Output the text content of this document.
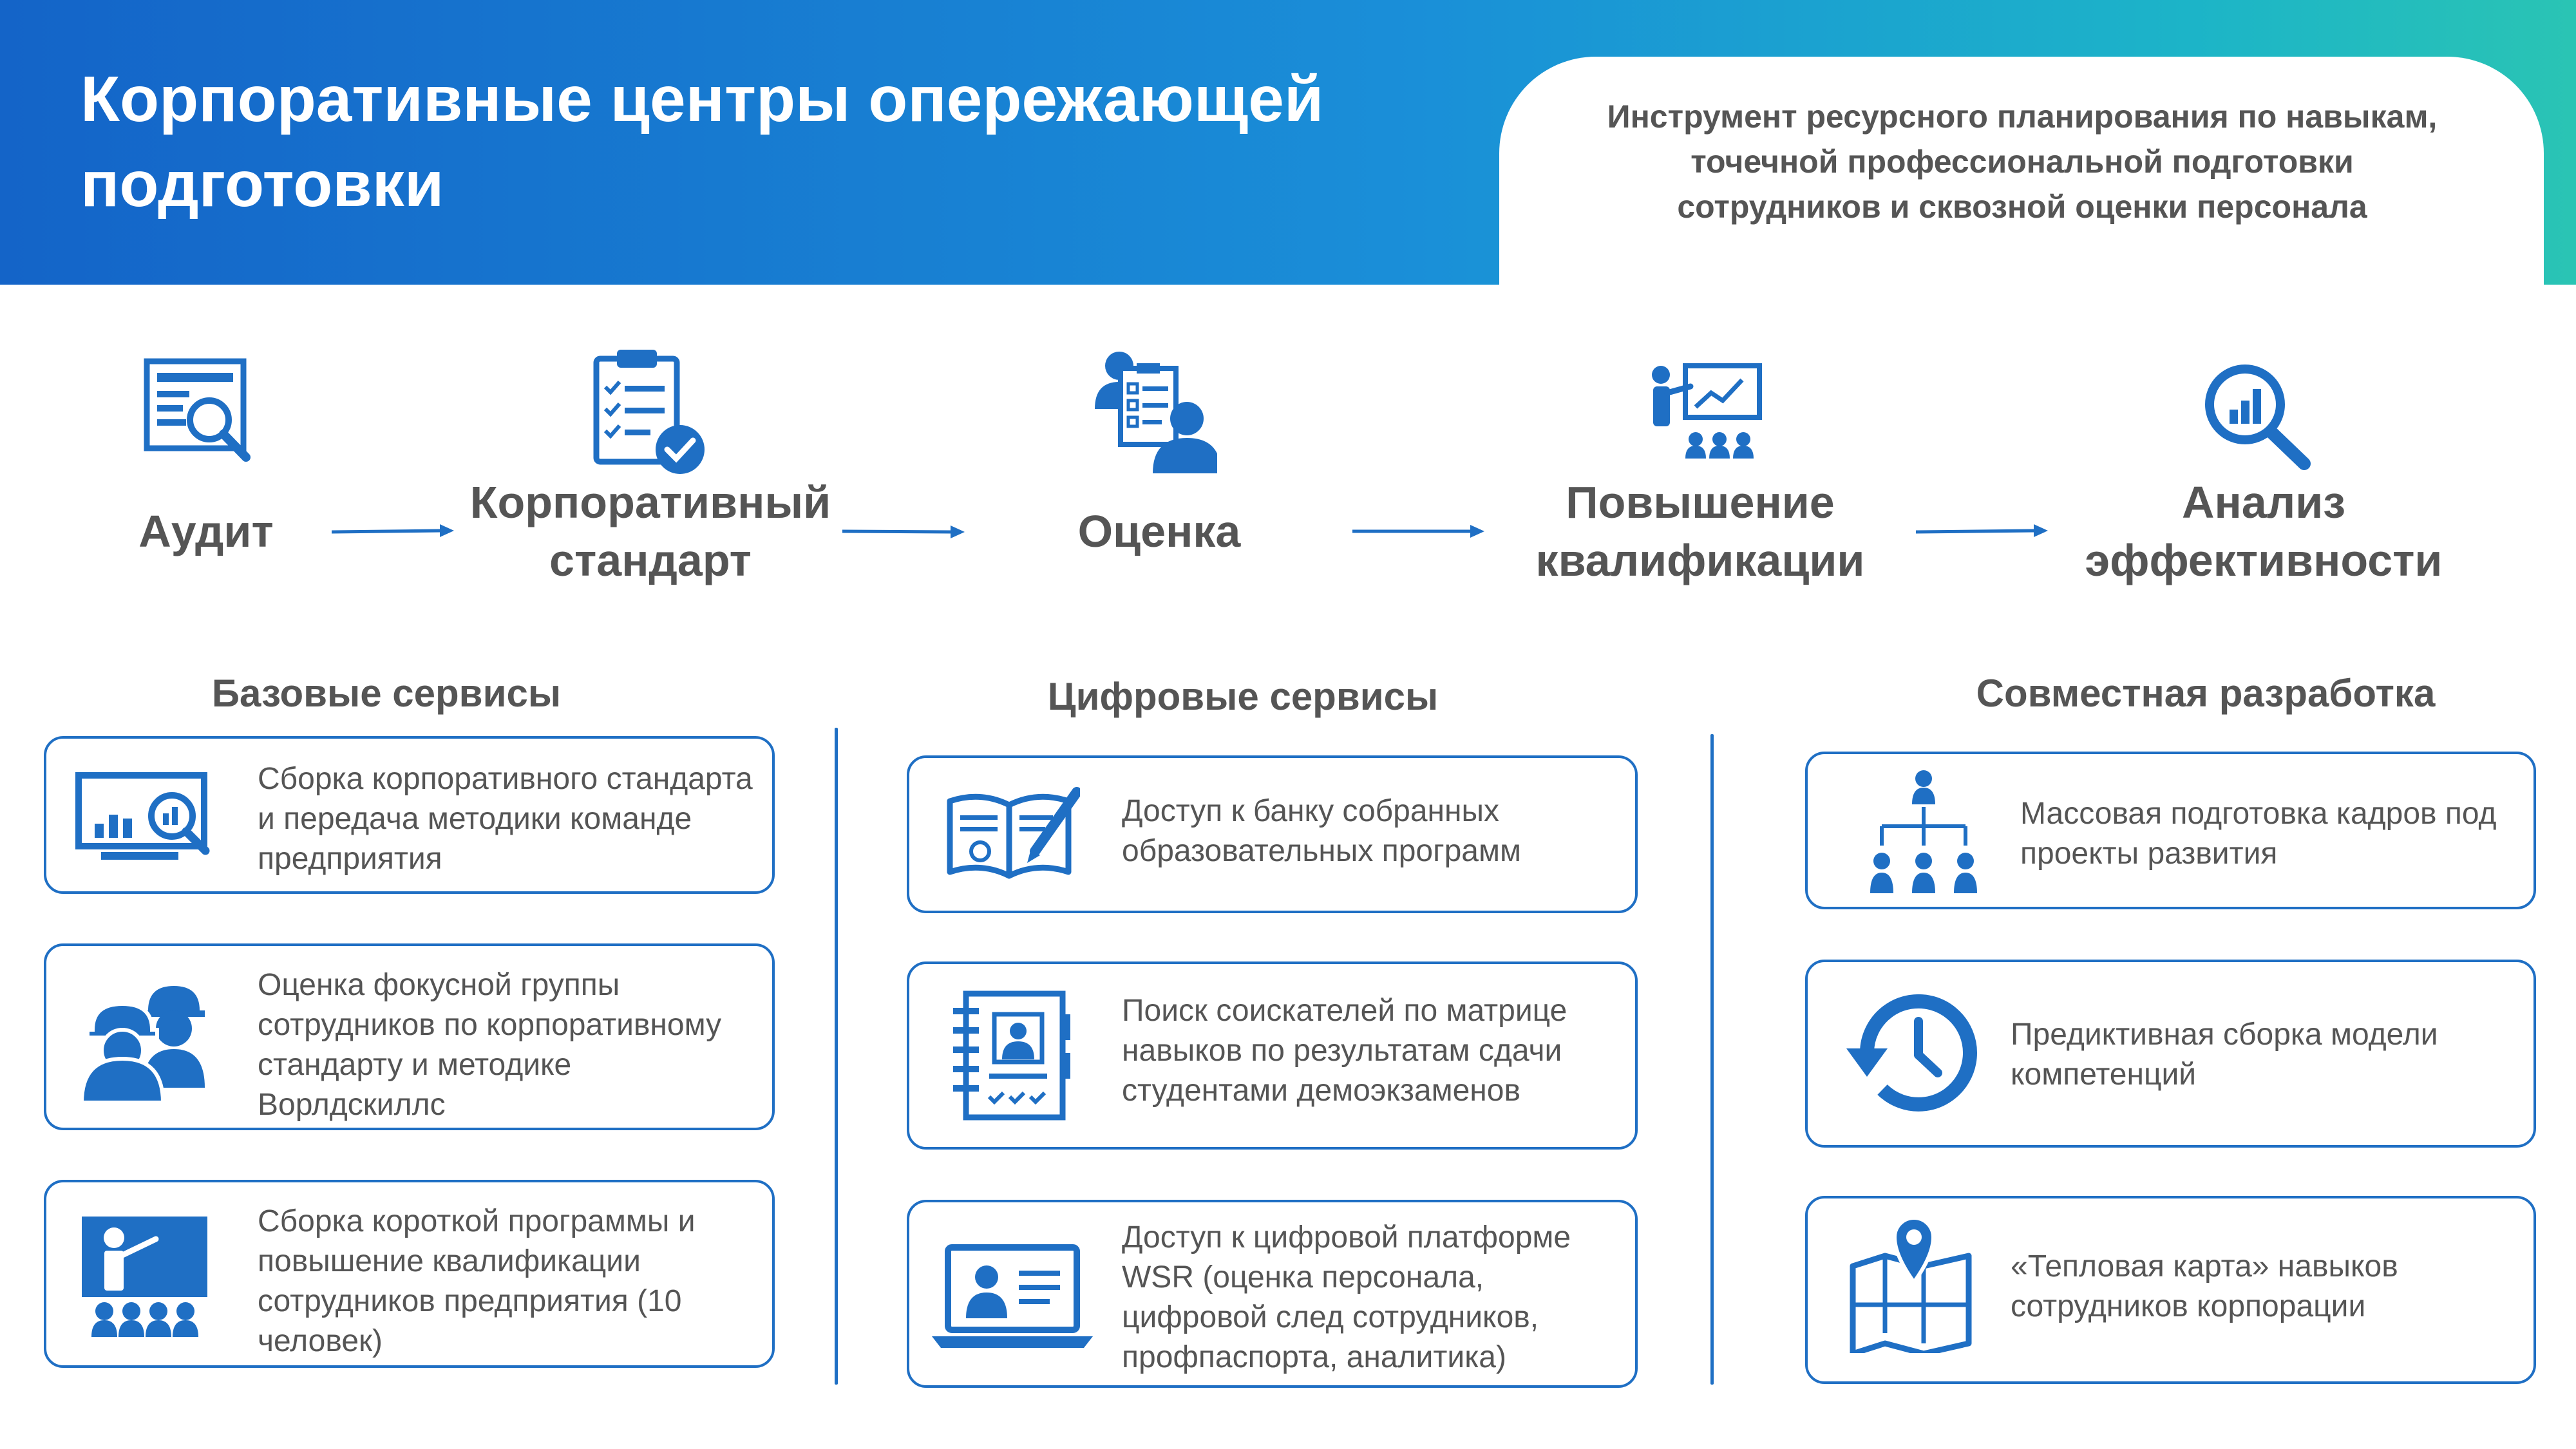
Корпоративные центры опережающей подготовки

Инструмент ресурсного планирования по навыкам, точечной профессиональной подготовки сотрудников и сквозной оценки персонала

Аудит
Корпоративный
стандарт
Оценка
Повышение
квалификации
Анализ
эффективности
Базовые сервисы	Цифровые сервисы	Совместная разработка
Сборка корпоративного стандарта и передача методики команде предприятия
Оценка фокусной группы сотрудников по корпоративному стандарту и методике Ворлдскиллс
Сборка короткой программы и повышение квалификации сотрудников предприятия (10 человек)
Доступ к банку собранных образовательных программ
Поиск соискателей по матрице навыков по результатам сдачи студентами демоэкзаменов
Доступ к цифровой платформе WSR (оценка персонала, цифровой след сотрудников, профпаспорта, аналитика)
Массовая подготовка кадров под проекты развития
Предиктивная сборка модели компетенций
«Тепловая карта» навыков сотрудников корпорации
